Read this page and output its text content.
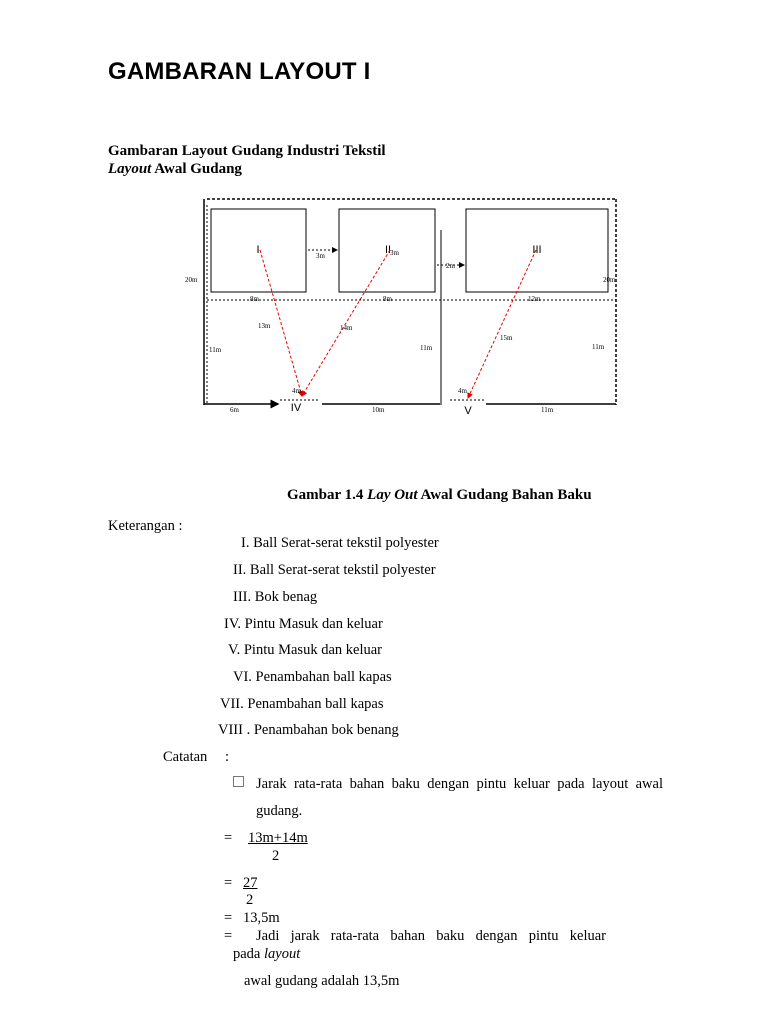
GAMBARAN LAYOUT I
Gambaran Layout Gudang Industri Tekstil
Layout Awal Gudang
I	II	III
3m
3m
2m
20m	20m
8m	8m	12m
11m	11m	11m
13m	14m
15m
6m	10m	11m
4m
IV
4m
V
Gambar 1.4 Lay Out Awal Gudang Bahan Baku
Keterangan :
I. Ball Serat-serat tekstil polyester
II. Ball Serat-serat tekstil polyester
III. Bok benag
IV. Pintu Masuk dan keluar
V. Pintu Masuk dan keluar
VI. Penambahan ball kapas
VII. Penambahan ball kapas
VIII . Penambahan bok benang
Catatan :
Jarak rata-rata bahan baku dengan pintu keluar pada layout awal
gudang.
= 13m+14m
2
= 27
2
= 13,5m
= Jadi jarak rata-rata bahan baku dengan pintu keluar
pada layout
awal gudang adalah 13,5m
